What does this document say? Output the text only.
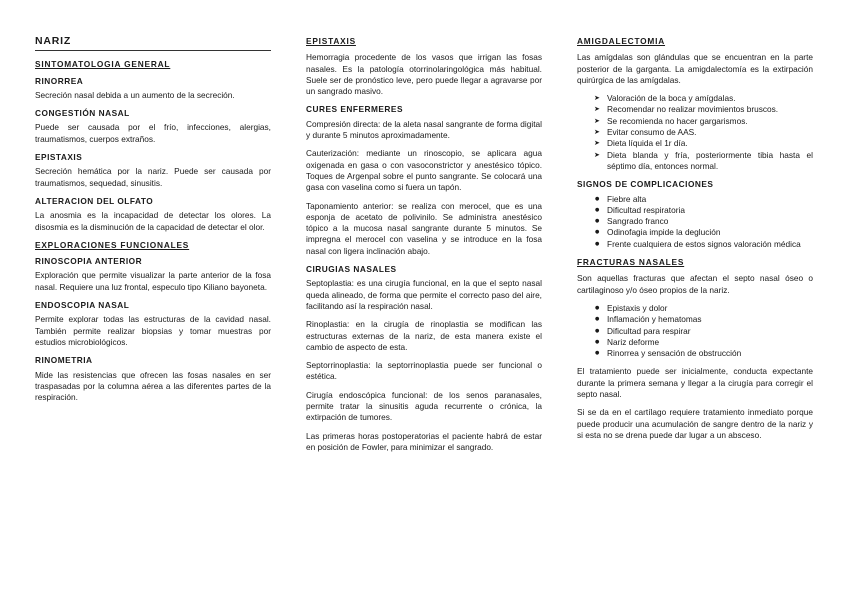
NARIZ
SINTOMATOLOGIA GENERAL
RINORREA

Secreción nasal debida a un aumento de la secreción.

CONGESTIÓN NASAL

Puede ser causada por el frío, infecciones, alergias, traumatismos, cuerpos extraños.

EPISTAXIS

Secreción hemática por la nariz. Puede ser causada por traumatismos, sequedad, sinusitis.

ALTERACION DEL OLFATO

La anosmia es la incapacidad de detectar los olores. La disosmia es la disminución de la capacidad de detectar el olor.

EXPLORACIONES FUNCIONALES
RINOSCOPIA ANTERIOR

Exploración que permite visualizar la parte anterior de la fosa nasal. Requiere una luz frontal, especulo tipo Kiliano bayoneta.

ENDOSCOPIA NASAL

Permite explorar todas las estructuras de la cavidad nasal. También permite realizar biopsias y tomar muestras por estudios microbiológicos.

RINOMETRIA

Mide las resistencias que ofrecen las fosas nasales en ser traspasadas por la columna aérea a las diferentes partes de la respiración.

EPISTAXIS

Hemorragia procedente de los vasos que irrigan las fosas nasales. Es la patología otorrinolaringológica más habitual. Suele ser de pronóstico leve, pero puede llegar a agravarse por un sangrado masivo.

CURES ENFERMERES

Compresión directa: de la aleta nasal sangrante de forma digital y durante 5 minutos aproximadamente.

Cauterización: mediante un rinoscopio, se aplicara agua oxigenada en gasa o con vasoconstrictor y anestésico tópico. Toques de Argenpal sobre el punto sangrante. Se colocará una gasa con vaselina como si fuera un tapón.

Taponamiento anterior: se realiza con merocel, que es una esponja de acetato de polivinilo. Se administra anestésico tópico a la mucosa nasal sangrante durante 5 minutos. Se impregna el merocel con vaselina y se introduce en la fosa nasal con ligera inclinación abajo.

CIRUGIAS NASALES

Septoplastia: es una cirugía funcional, en la que el septo nasal queda alineado, de forma que permite el correcto paso del aire, facilitando así la respiración nasal.

Rinoplastia: en la cirugía de rinoplastia se modifican las estructuras externas de la nariz, de esta manera existe el cambio de aspecto de esta.

Septorrinoplastia: la septorrinoplastia puede ser funcional o estética.

Cirugía endoscópica funcional: de los senos paranasales, permite tratar la sinusitis aguda recurrente o crónica, la extirpación de tumores.

Las primeras horas postoperatorias el paciente habrá de estar en posición de Fowler, para minimizar el sangrado.

AMIGDALECTOMIA

Las amígdalas son glándulas que se encuentran en la parte posterior de la garganta. La amigdalectomía es la extirpación quirúrgica de las amígdalas.

➤ Valoración de la boca y amígdalas.
➤ Recomendar no realizar movimientos bruscos.
➤ Se recomienda no hacer gargarismos.
➤ Evitar consumo de AAS.
➤ Dieta líquida el 1r día.
➤ Dieta blanda y fría, posteriormente tibia hasta el séptimo día, entonces normal.
SIGNOS DE COMPLICACIONES
● Fiebre alta
● Dificultad respiratoria
● Sangrado franco
● Odinofagia impide la deglución
● Frente cualquiera de estos signos valoración médica
FRACTURAS NASALES

Son aquellas fracturas que afectan el septo nasal óseo o cartilaginoso y/o óseo propios de la nariz.

● Epistaxis y dolor
● Inflamación y hematomas
● Dificultad para respirar
● Nariz deforme
● Rinorrea y sensación de obstrucción

El tratamiento puede ser inicialmente, conducta expectante durante la primera semana y llegar a la cirugía para corregir el septo nasal.

Si se da en el cartílago requiere tratamiento inmediato porque puede producir una acumulación de sangre dentro de la nariz y si esta no se drena puede dar lugar a un absceso.
